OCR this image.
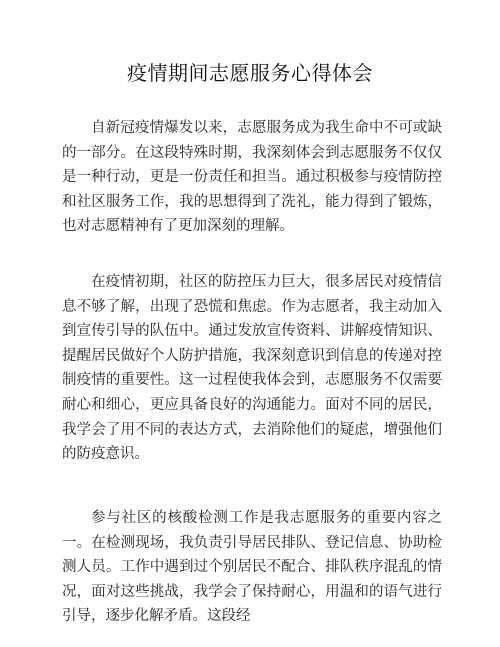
疫情期间志愿服务心得体会

自新冠疫情爆发以来，志愿服务成为我生命中不可或缺的一部分。在这段特殊时期，我深刻体会到志愿服务不仅仅是一种行动，更是一份责任和担当。通过积极参与疫情防控和社区服务工作，我的思想得到了洗礼，能力得到了锻炼，也对志愿精神有了更加深刻的理解。

在疫情初期，社区的防控压力巨大，很多居民对疫情信息不够了解，出现了恐慌和焦虑。作为志愿者，我主动加入到宣传引导的队伍中。通过发放宣传资料、讲解疫情知识、提醒居民做好个人防护措施，我深刻意识到信息的传递对控制疫情的重要性。这一过程使我体会到，志愿服务不仅需要耐心和细心，更应具备良好的沟通能力。面对不同的居民，我学会了用不同的表达方式，去消除他们的疑虑，增强他们的防疫意识。

参与社区的核酸检测工作是我志愿服务的重要内容之一。在检测现场，我负责引导居民排队、登记信息、协助检测人员。工作中遇到过个别居民不配合、排队秩序混乱的情况，面对这些挑战，我学会了保持耐心，用温和的语气进行引导，逐步化解矛盾。这段经
